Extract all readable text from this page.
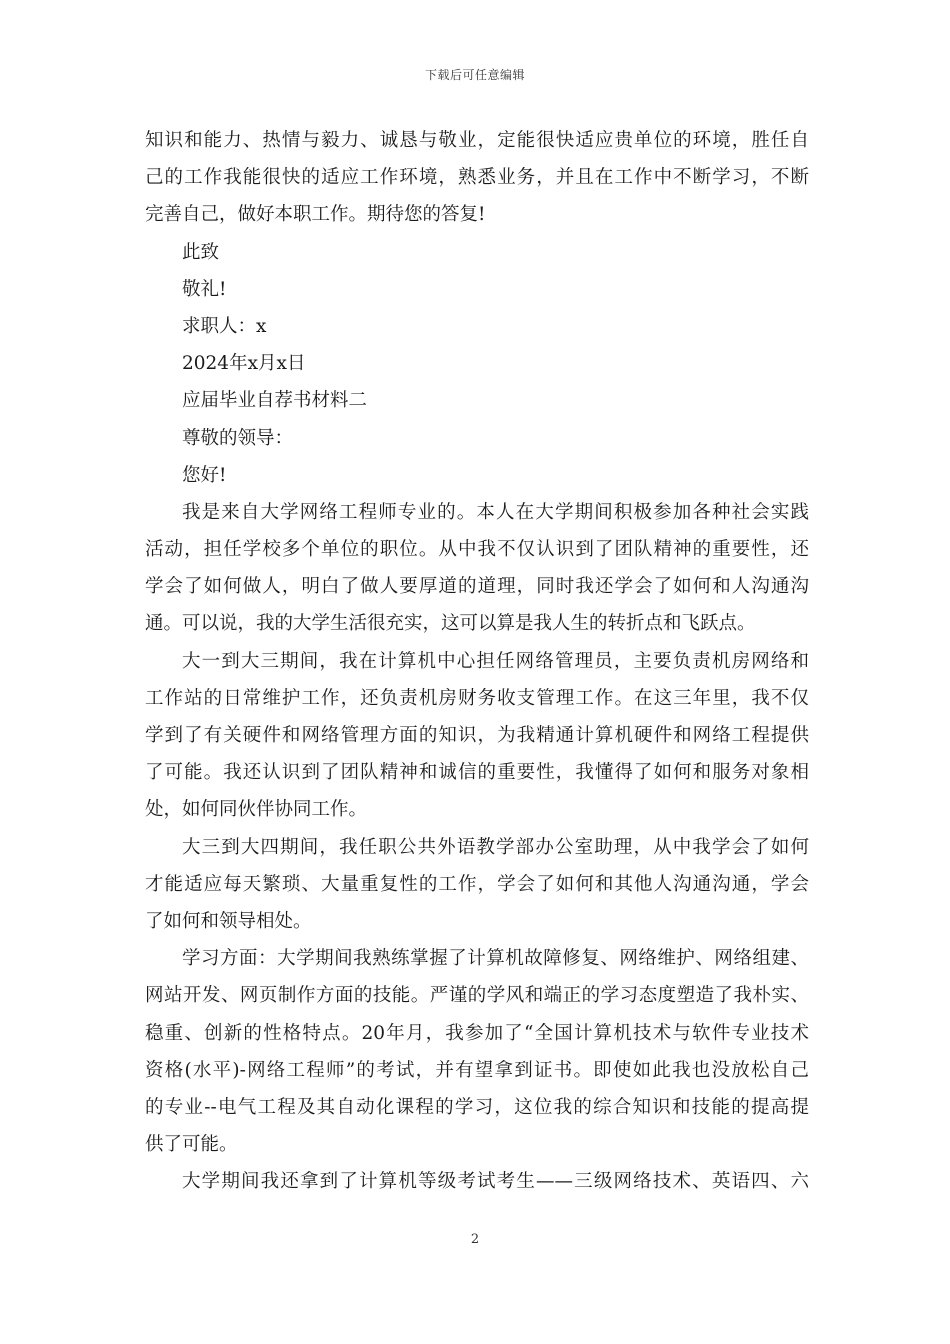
下载后可任意编辑
知识和能力、热情与毅力、诚恳与敬业，定能很快适应贵单位的环境，胜任自
己的工作我能很快的适应工作环境，熟悉业务，并且在工作中不断学习，不断
完善自己，做好本职工作。期待您的答复!
此致
敬礼!
求职人：x
2024年x月x日
应届毕业自荐书材料二
尊敬的领导：
您好!
我是来自大学网络工程师专业的。本人在大学期间积极参加各种社会实践
活动，担任学校多个单位的职位。从中我不仅认识到了团队精神的重要性，还
学会了如何做人，明白了做人要厚道的道理，同时我还学会了如何和人沟通沟
通。可以说，我的大学生活很充实，这可以算是我人生的转折点和飞跃点。
大一到大三期间，我在计算机中心担任网络管理员，主要负责机房网络和
工作站的日常维护工作，还负责机房财务收支管理工作。在这三年里，我不仅
学到了有关硬件和网络管理方面的知识，为我精通计算机硬件和网络工程提供
了可能。我还认识到了团队精神和诚信的重要性，我懂得了如何和服务对象相
处，如何同伙伴协同工作。
大三到大四期间，我任职公共外语教学部办公室助理，从中我学会了如何
才能适应每天繁琐、大量重复性的工作，学会了如何和其他人沟通沟通，学会
了如何和领导相处。
学习方面：大学期间我熟练掌握了计算机故障修复、网络维护、网络组建、
网站开发、网页制作方面的技能。严谨的学风和端正的学习态度塑造了我朴实、
稳重、创新的性格特点。20年月，我参加了“全国计算机技术与软件专业技术
资格(水平)-网络工程师”的考试，并有望拿到证书。即使如此我也没放松自己
的专业--电气工程及其自动化课程的学习，这位我的综合知识和技能的提高提
供了可能。
大学期间我还拿到了计算机等级考试考生——三级网络技术、英语四、六
2
